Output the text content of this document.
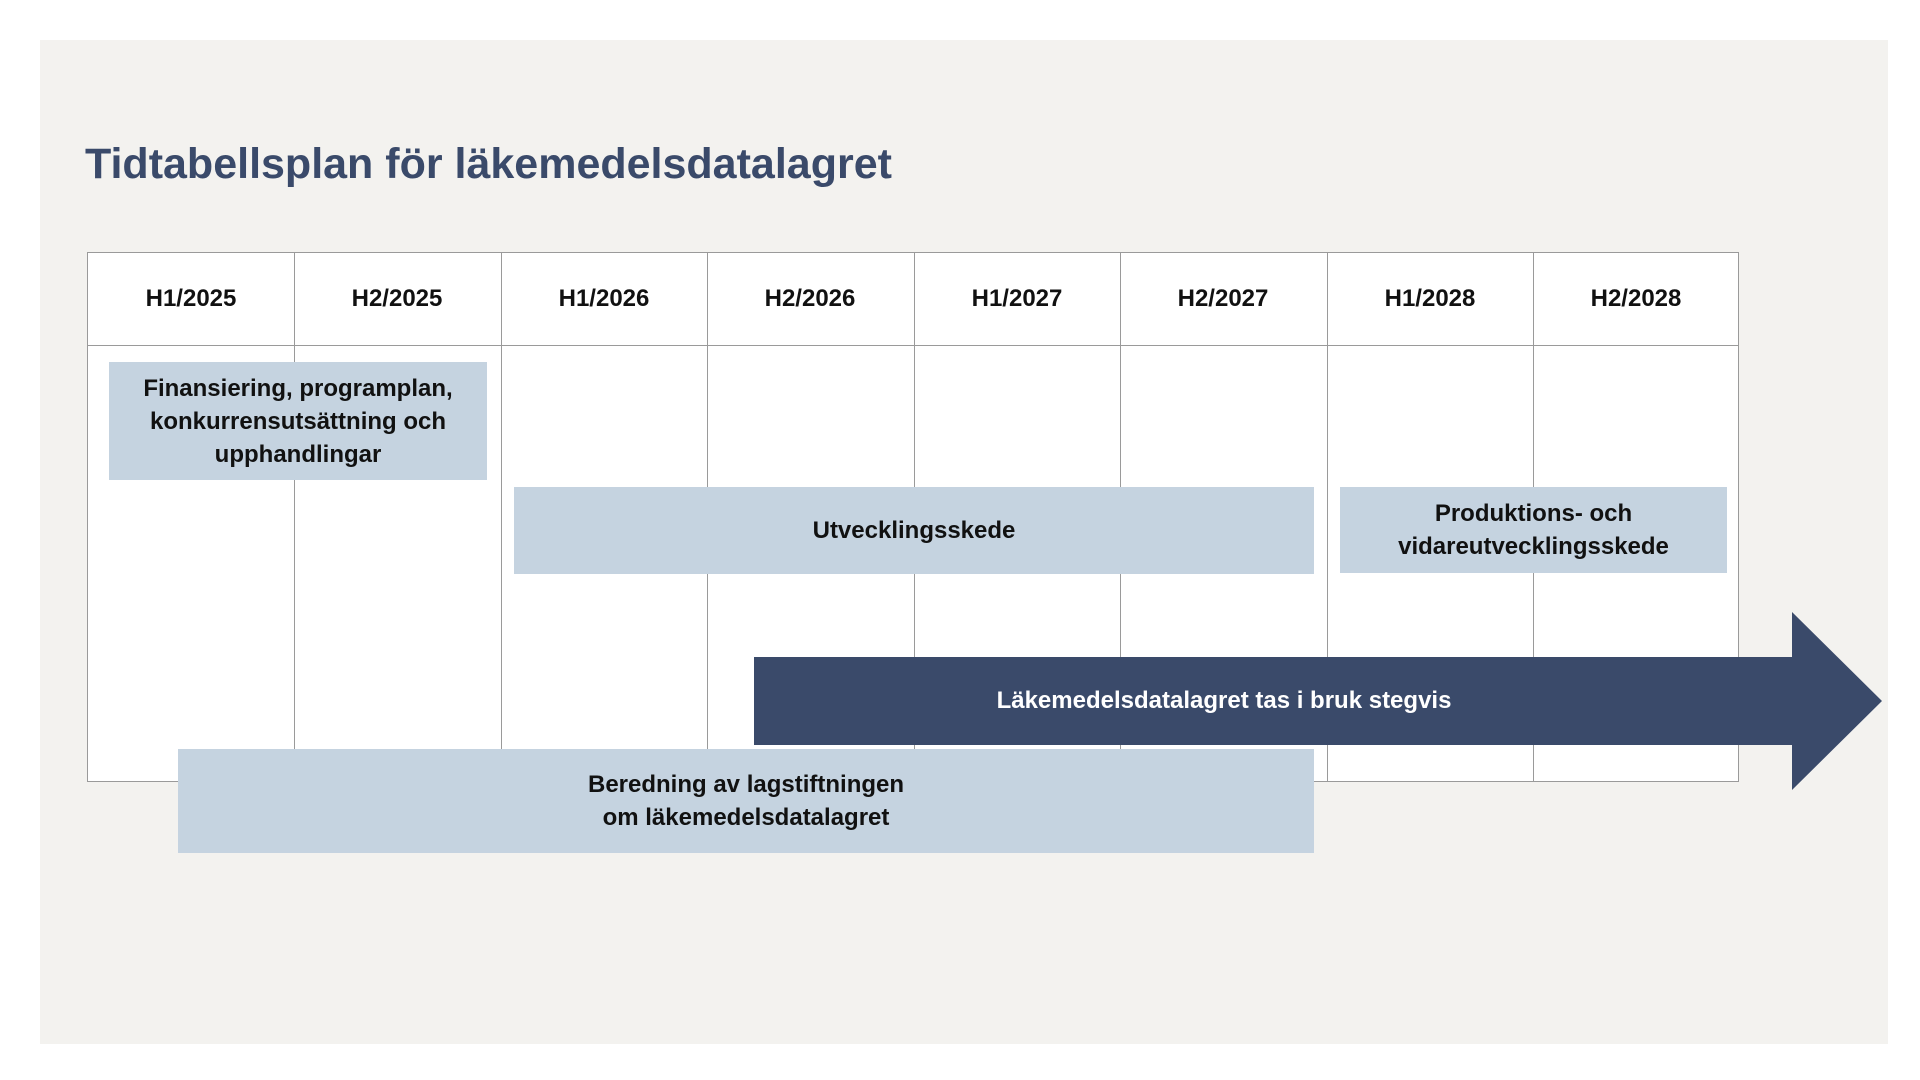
Tidtabellsplan för läkemedelsdatalagret
H1/2025	H2/2025	H1/2026	H2/2026	H1/2027	H2/2027	H1/2028	H2/2028
Finansiering, programplan,
konkurrensutsättning och
upphandlingar
Utvecklingsskede
Produktions- och
vidareutvecklingsskede
Beredning av lagstiftningen
om läkemedelsdatalagret
Läkemedelsdatalagret tas i bruk stegvis
